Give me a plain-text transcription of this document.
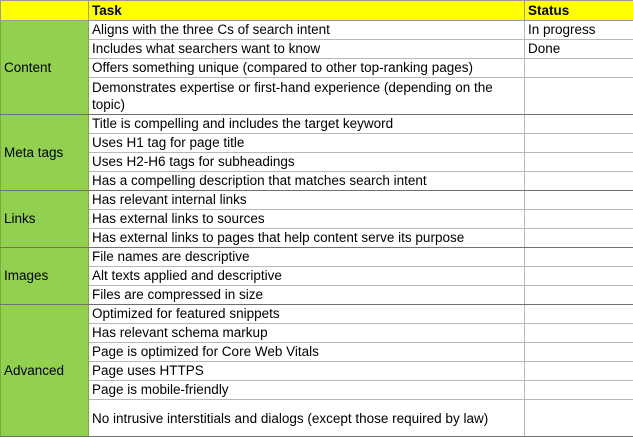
	Task	Status
Content	Aligns with the three Cs of search intent	In progress
	Includes what searchers want to know	Done
	Offers something unique (compared to other top-ranking pages)	
	Demonstrates expertise or first-hand experience (depending on the topic)	
Meta tags	Title is compelling and includes the target keyword	
	Uses H1 tag for page title	
	Uses H2-H6 tags for subheadings	
	Has a compelling description that matches search intent	
Links	Has relevant internal links	
	Has external links to sources	
	Has external links to pages that help content serve its purpose	
Images	File names are descriptive	
	Alt texts applied and descriptive	
	Files are compressed in size	
Advanced	Optimized for featured snippets	
	Has relevant schema markup	
	Page is optimized for Core Web Vitals	
	Page uses HTTPS	
	Page is mobile-friendly	
	No intrusive interstitials and dialogs (except those required by law)	
